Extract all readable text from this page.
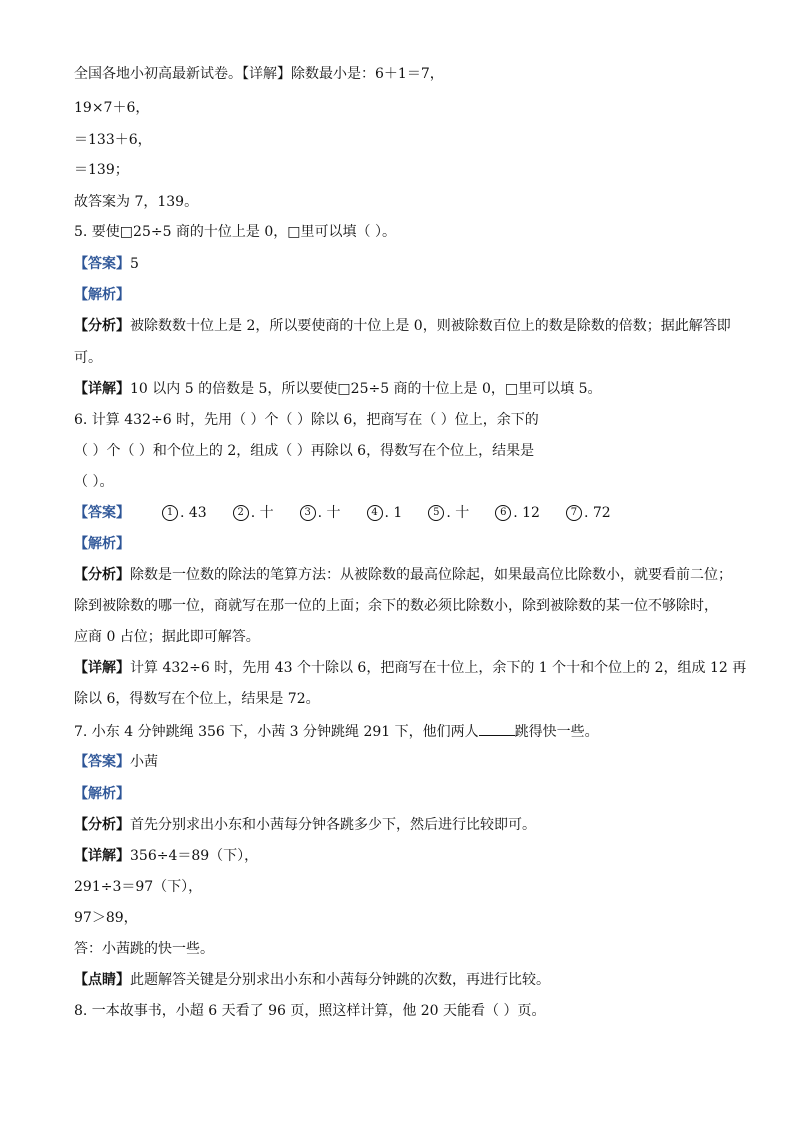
全国各地小初高最新试卷。【详解】除数最小是：6＋1＝7，
19×7＋6，
＝133＋6，
＝139；
故答案为 7，139。
5. 要使□25÷5 商的十位上是 0，□里可以填（ ）。
【答案】5
【解析】
【分析】被除数数十位上是 2，所以要使商的十位上是 0，则被除数百位上的数是除数的倍数；据此解答即
可。
【详解】10 以内 5 的倍数是 5，所以要使□25÷5 商的十位上是 0，□里可以填 5。
6. 计算 432÷6 时，先用（ ）个（ ）除以 6，把商写在（ ）位上，余下的
（ ）个（ ）和个位上的 2，组成（ ）再除以 6，得数写在个位上，结果是
（ ）。
【答案】	1 . 43	2 . 十	3 . 十	4 . 1	5 . 十	6 . 12	7 . 72
【解析】
【分析】除数是一位数的除法的笔算方法：从被除数的最高位除起，如果最高位比除数小，就要看前二位；
除到被除数的哪一位，商就写在那一位的上面；余下的数必须比除数小，除到被除数的某一位不够除时，
应商 0 占位；据此即可解答。
【详解】计算 432÷6 时，先用 43 个十除以 6，把商写在十位上，余下的 1 个十和个位上的 2，组成 12 再
除以 6，得数写在个位上，结果是 72。
7. 小东 4 分钟跳绳 356 下，小茜 3 分钟跳绳 291 下，他们两人	跳得快一些。
【答案】小茜
【解析】
【分析】首先分别求出小东和小茜每分钟各跳多少下，然后进行比较即可。
【详解】356÷4＝89（下），
291÷3＝97（下），
97＞89，
答：小茜跳的快一些。
【点睛】此题解答关键是分别求出小东和小茜每分钟跳的次数，再进行比较。
8. 一本故事书，小超 6 天看了 96 页，照这样计算，他 20 天能看（ ）页。
